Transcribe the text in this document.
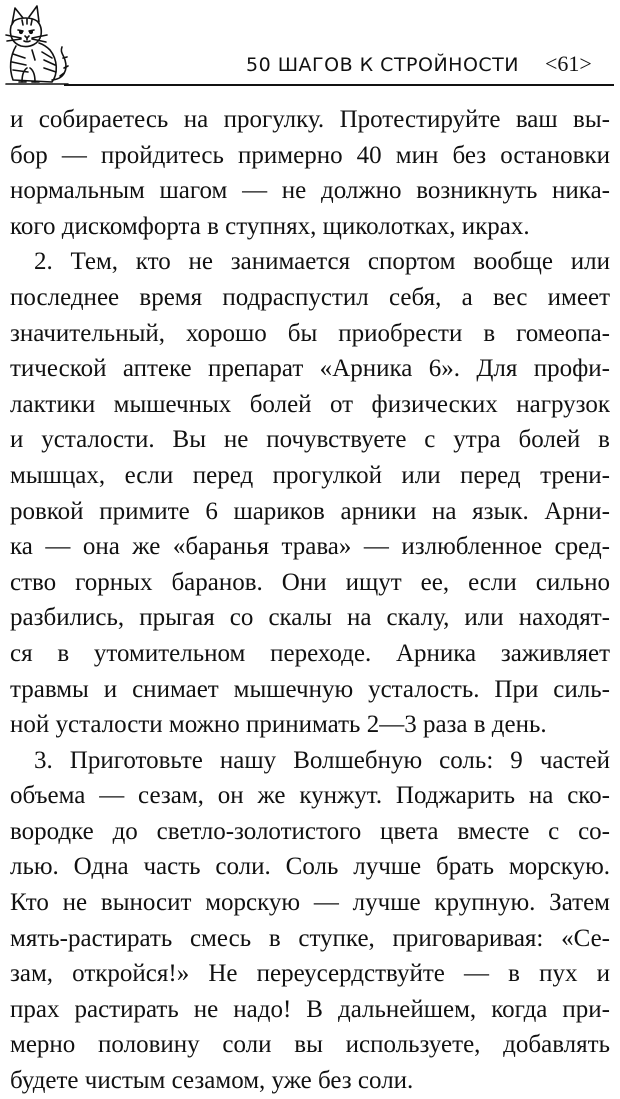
50 ШАГОВ К СТРОЙНОСТИ <61>
и собираетесь на прогулку. Протестируйте ваш вы-
бор — пройдитесь примерно 40 мин без остановки
нормальным шагом — не должно возникнуть ника-
кого дискомфорта в ступнях, щиколотках, икрах.
2. Тем, кто не занимается спортом вообще или
последнее время подраспустил себя, а вес имеет
значительный, хорошо бы приобрести в гомеопа-
тической аптеке препарат «Арника 6». Для профи-
лактики мышечных болей от физических нагрузок
и усталости. Вы не почувствуете с утра болей в
мышцах, если перед прогулкой или перед трени-
ровкой примите 6 шариков арники на язык. Арни-
ка — она же «баранья трава» — излюбленное сред-
ство горных баранов. Они ищут ее, если сильно
разбились, прыгая со скалы на скалу, или находят-
ся в утомительном переходе. Арника заживляет
травмы и снимает мышечную усталость. При силь-
ной усталости можно принимать 2—3 раза в день.
3. Приготовьте нашу Волшебную соль: 9 частей
объема — сезам, он же кунжут. Поджарить на ско-
вородке до светло-золотистого цвета вместе с со-
лью. Одна часть соли. Соль лучше брать морскую.
Кто не выносит морскую — лучше крупную. Затем
мять-растирать смесь в ступке, приговаривая: «Се-
зам, откройся!» Не переусердствуйте — в пух и
прах растирать не надо! В дальнейшем, когда при-
мерно половину соли вы используете, добавлять
будете чистым сезамом, уже без соли.
